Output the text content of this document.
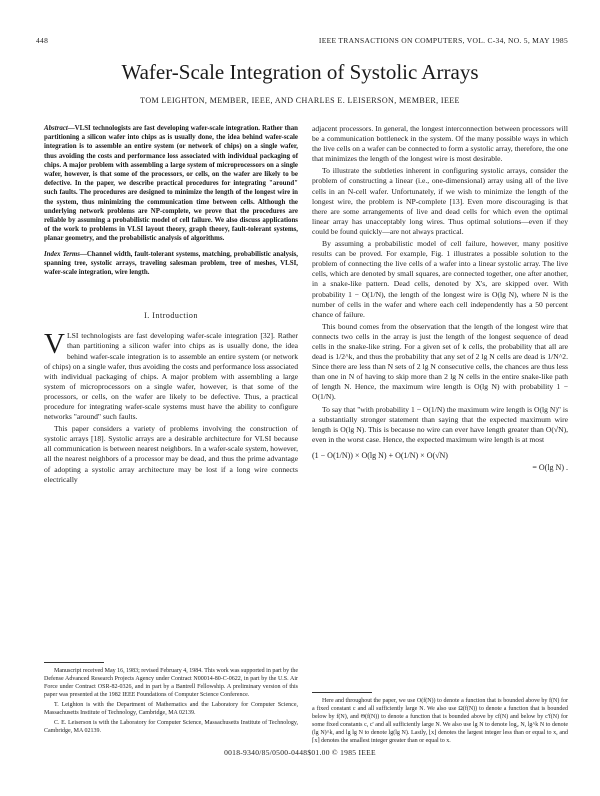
448	IEEE TRANSACTIONS ON COMPUTERS, VOL. C-34, NO. 5, MAY 1985
Wafer-Scale Integration of Systolic Arrays
TOM LEIGHTON, MEMBER, IEEE, AND CHARLES E. LEISERSON, MEMBER, IEEE
Abstract—VLSI technologists are fast developing wafer-scale integration. Rather than partitioning a silicon wafer into chips as is usually done, the idea behind wafer-scale integration is to assemble an entire system (or network of chips) on a single wafer, thus avoiding the costs and performance loss associated with individual packaging of chips. A major problem with assembling a large system of microprocessors on a single wafer, however, is that some of the processors, or cells, on the wafer are likely to be defective. In the paper, we describe practical procedures for integrating "around" such faults. The procedures are designed to minimize the length of the longest wire in the system, thus minimizing the communication time between cells. Although the underlying network problems are NP-complete, we prove that the procedures are reliable by assuming a probabilistic model of cell failure. We also discuss applications of the work to problems in VLSI layout theory, graph theory, fault-tolerant systems, planar geometry, and the probabilistic analysis of algorithms.
Index Terms—Channel width, fault-tolerant systems, matching, probabilistic analysis, spanning tree, systolic arrays, traveling salesman problem, tree of meshes, VLSI, wafer-scale integration, wire length.
I. Introduction

VLSI technologists are fast developing wafer-scale integration [32]. Rather than partitioning a silicon wafer into chips as is usually done, the idea behind wafer-scale integration is to assemble an entire system (or network of chips) on a single wafer, thus avoiding the costs and performance loss associated with individual packaging of chips. A major problem with assembling a large system of microprocessors on a single wafer, however, is that some of the processors, or cells, on the wafer are likely to be defective. Thus, a practical procedure for integrating wafer-scale systems must have the ability to configure networks "around" such faults.

This paper considers a variety of problems involving the construction of systolic arrays [18]. Systolic arrays are a desirable architecture for VLSI because all communication is between nearest neighbors. In a wafer-scale system, however, all the nearest neighbors of a processor may be dead, and thus the prime advantage of adopting a systolic array architecture may be lost if a long wire connects electrically

adjacent processors. In general, the longest interconnection between processors will be a communication bottleneck in the system. Of the many possible ways in which the live cells on a wafer can be connected to form a systolic array, therefore, the one that minimizes the length of the longest wire is most desirable.

To illustrate the subtleties inherent in configuring systolic arrays, consider the problem of constructing a linear (i.e., one-dimensional) array using all of the live cells in an N-cell wafer. Unfortunately, if we wish to minimize the length of the longest wire, the problem is NP-complete [13]. Even more discouraging is that there are some arrangements of live and dead cells for which even the optimal linear array has unacceptably long wires. Thus optimal solutions—even if they could be found quickly—are not always practical.

By assuming a probabilistic model of cell failure, however, many positive results can be proved. For example, Fig. 1 illustrates a possible solution to the problem of connecting the live cells of a wafer into a linear systolic array. The live cells, which are denoted by small squares, are connected together, one after another, in a snake-like pattern. Dead cells, denoted by X's, are skipped over. With probability 1 − O(1/N), the length of the longest wire is O(lg N), where N is the number of cells in the wafer and where each cell independently has a 50 percent chance of failure.

This bound comes from the observation that the length of the longest wire that connects two cells in the array is just the length of the longest sequence of dead cells in the snake-like string. For a given set of k cells, the probability that all are dead is 1/2^k, and thus the probability that any set of 2 lg N cells are dead is 1/N^2. Since there are less than N sets of 2 lg N consecutive cells, the chances are thus less than one in N of having to skip more than 2 lg N cells in the entire snake-like path of length N. Hence, the maximum wire length is O(lg N) with probability 1 − O(1/N).

To say that "with probability 1 − O(1/N) the maximum wire length is O(lg N)" is a substantially stronger statement than saying that the expected maximum wire length is O(lg N). This is because no wire can ever have length greater than O(√N), even in the worst case. Hence, the expected maximum wire length is at most

(1 − O(1/N)) × O(lg N) + O(1/N) × O(√N)
= O(lg N) .
Manuscript received May 16, 1983; revised February 4, 1984. This work was supported in part by the Defense Advanced Research Projects Agency under Contract N00014-80-C-0622, in part by the U.S. Air Force under Contract OSR-82-0326, and in part by a Bantrell Fellowship. A preliminary version of this paper was presented at the 1982 IEEE Foundations of Computer Science Conference.
T. Leighton is with the Department of Mathematics and the Laboratory for Computer Science, Massachusetts Institute of Technology, Cambridge, MA 02139.
C. E. Leiserson is with the Laboratory for Computer Science, Massachusetts Institute of Technology, Cambridge, MA 02139.
Here and throughout the paper, we use O(f(N)) to denote a function that is bounded above by f(N) for a fixed constant c and all sufficiently large N. We also use Ω(f(N)) to denote a function that is bounded below by f(N), and Θ(f(N)) to denote a function that is bounded above by cf(N) and below by c'f(N) for some fixed constants c, c' and all sufficiently large N. We also use lg N to denote log₂ N, lg^k N to denote (lg N)^k, and lg lg N to denote lg(lg N). Lastly, ⌊x⌋ denotes the largest integer less than or equal to x, and ⌈x⌉ denotes the smallest integer greater than or equal to x.
0018-9340/85/0500-0448$01.00 © 1985 IEEE
